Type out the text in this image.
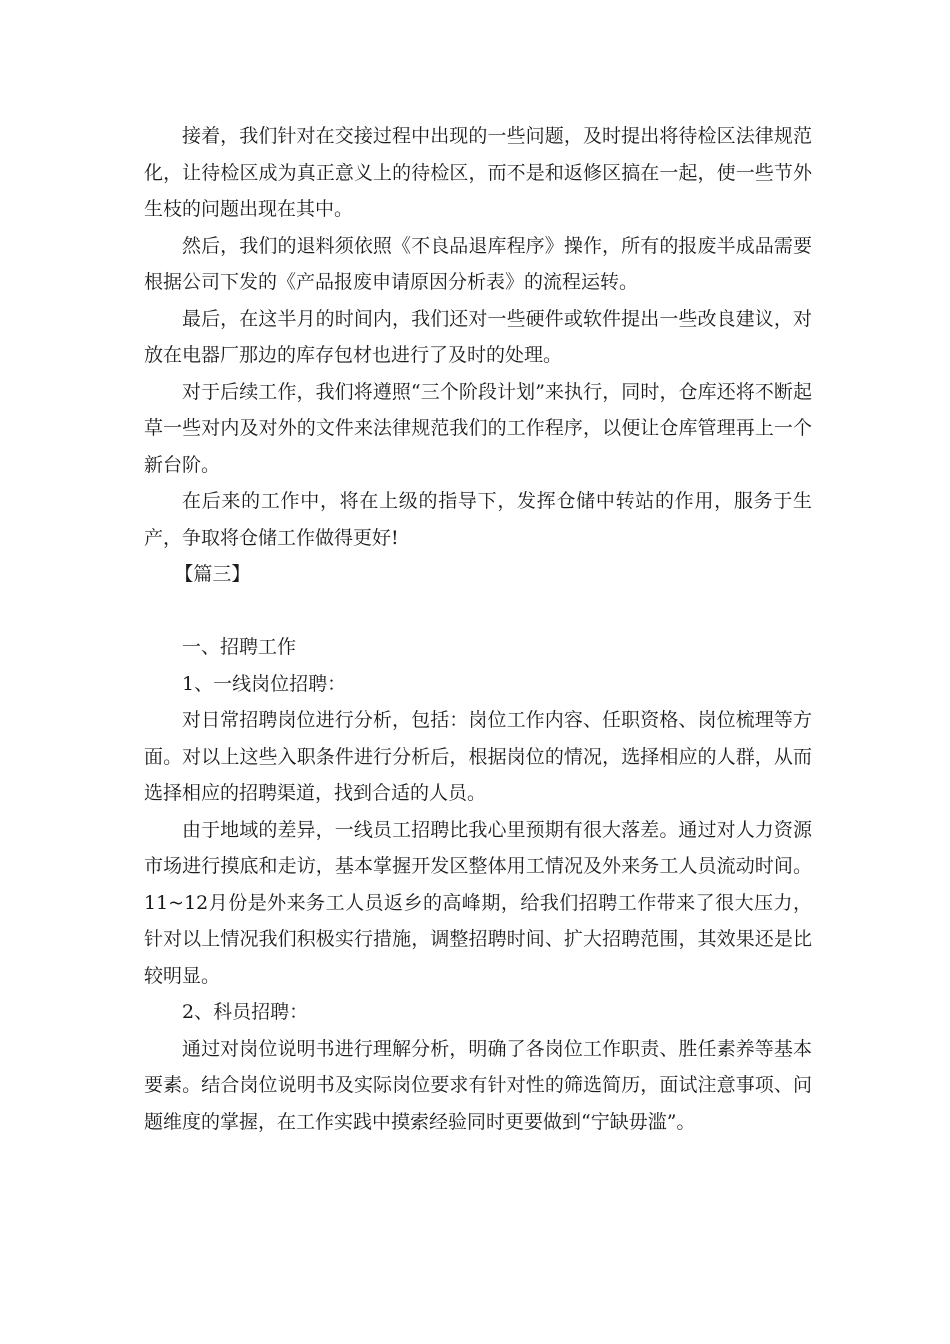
接着，我们针对在交接过程中出现的一些问题，及时提出将待检区法律规范化，让待检区成为真正意义上的待检区，而不是和返修区搞在一起，使一些节外生枝的问题出现在其中。

然后，我们的退料须依照《不良品退库程序》操作，所有的报废半成品需要根据公司下发的《产品报废申请原因分析表》的流程运转。

最后，在这半月的时间内，我们还对一些硬件或软件提出一些改良建议，对放在电器厂那边的库存包材也进行了及时的处理。

对于后续工作，我们将遵照“三个阶段计划”来执行，同时，仓库还将不断起草一些对内及对外的文件来法律规范我们的工作程序，以便让仓库管理再上一个新台阶。

在后来的工作中，将在上级的指导下，发挥仓储中转站的作用，服务于生产，争取将仓储工作做得更好!

【篇三】

一、招聘工作

1、一线岗位招聘：

对日常招聘岗位进行分析，包括：岗位工作内容、任职资格、岗位梳理等方面。对以上这些入职条件进行分析后，根据岗位的情况，选择相应的人群，从而选择相应的招聘渠道，找到合适的人员。

由于地域的差异，一线员工招聘比我心里预期有很大落差。通过对人力资源市场进行摸底和走访，基本掌握开发区整体用工情况及外来务工人员流动时间。11~12月份是外来务工人员返乡的高峰期，给我们招聘工作带来了很大压力，针对以上情况我们积极实行措施，调整招聘时间、扩大招聘范围，其效果还是比较明显。

2、科员招聘：

通过对岗位说明书进行理解分析，明确了各岗位工作职责、胜任素养等基本要素。结合岗位说明书及实际岗位要求有针对性的筛选简历，面试注意事项、问题维度的掌握，在工作实践中摸索经验同时更要做到“宁缺毋滥”。
